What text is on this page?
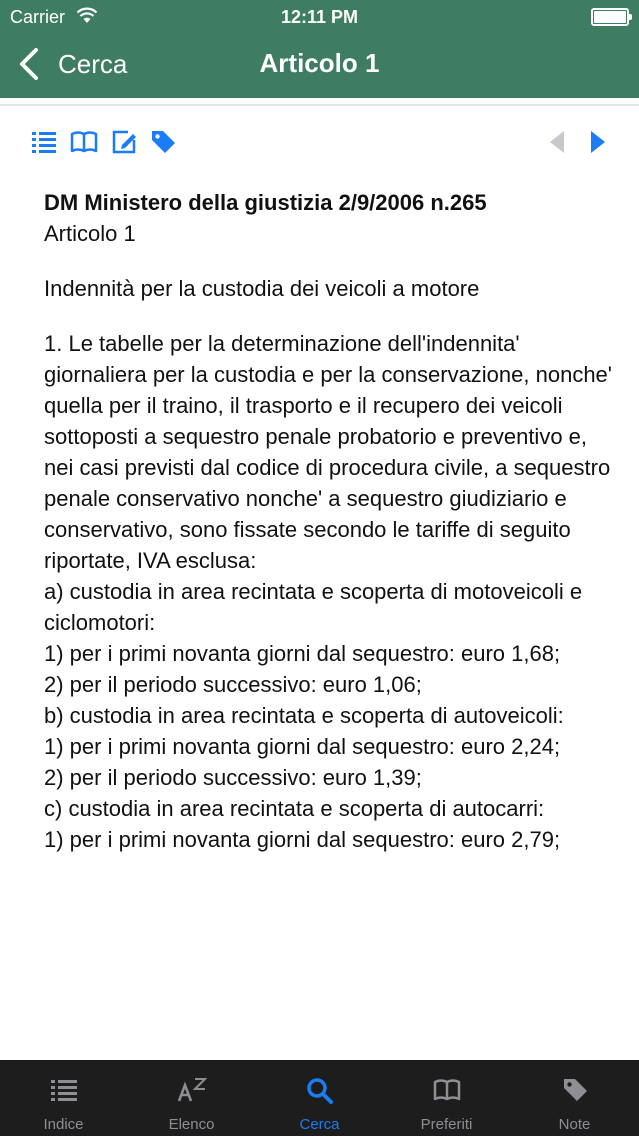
Carrier	12:11 PM
Cerca	Articolo 1
DM Ministero della giustizia 2/9/2006 n.265
Articolo 1
Indennità per la custodia dei veicoli a motore
1. Le tabelle per la determinazione dell'indennita' giornaliera per la custodia e per la conservazione, nonche' quella per il traino, il trasporto e il recupero dei veicoli sottoposti a sequestro penale probatorio e preventivo e, nei casi previsti dal codice di procedura civile, a sequestro penale conservativo nonche' a sequestro giudiziario e conservativo, sono fissate secondo le tariffe di seguito riportate, IVA esclusa:
a) custodia in area recintata e scoperta di motoveicoli e ciclomotori:
1) per i primi novanta giorni dal sequestro: euro 1,68;
2) per il periodo successivo: euro 1,06;
b) custodia in area recintata e scoperta di autoveicoli:
1) per i primi novanta giorni dal sequestro: euro 2,24;
2) per il periodo successivo: euro 1,39;
c) custodia in area recintata e scoperta di autocarri:
1) per i primi novanta giorni dal sequestro: euro 2,79;
Indice	Elenco	Cerca	Preferiti	Note
